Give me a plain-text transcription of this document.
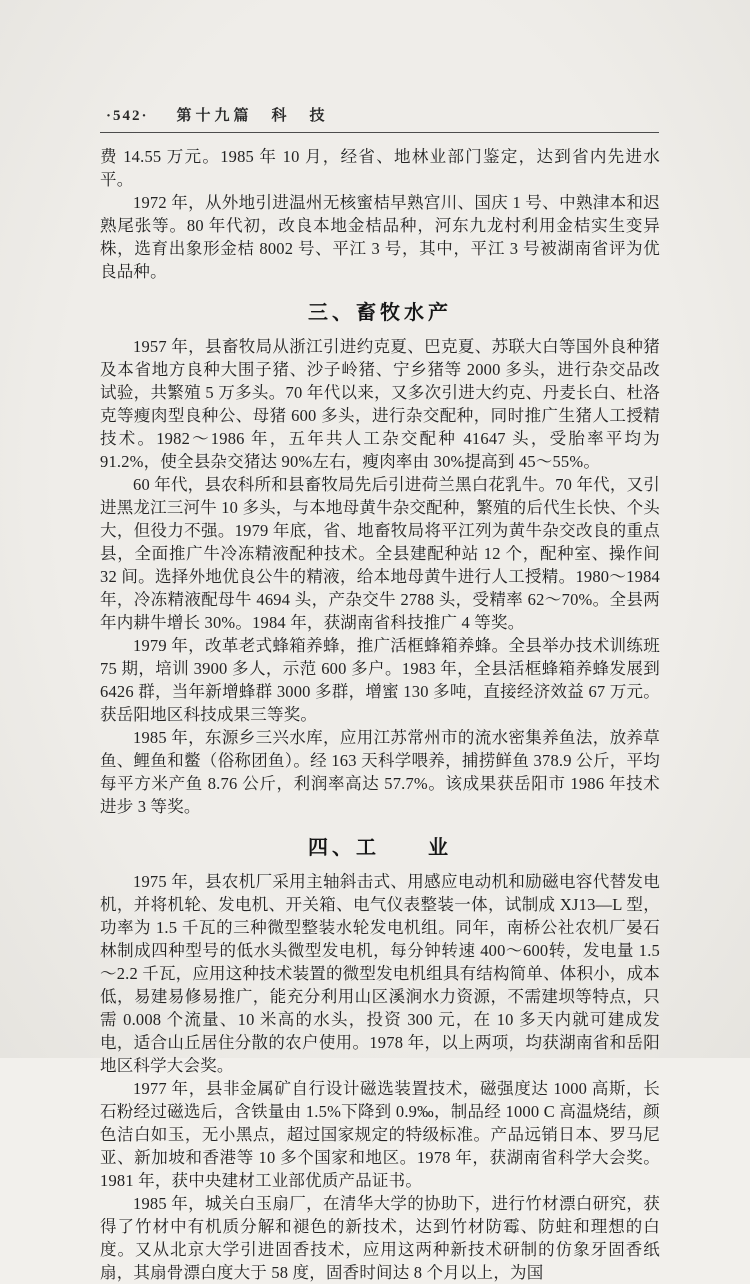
·542· 第十九篇　科　技

费 14.55 万元。1985 年 10 月，经省、地林业部门鉴定，达到省内先进水平。

1972 年，从外地引进温州无核蜜桔早熟宫川、国庆 1 号、中熟津本和迟熟尾张等。80 年代初，改良本地金桔品种，河东九龙村利用金桔实生变异株，选育出象形金桔 8002 号、平江 3 号，其中，平江 3 号被湖南省评为优良品种。

三、畜牧水产

1957 年，县畜牧局从浙江引进约克夏、巴克夏、苏联大白等国外良种猪及本省地方良种大围子猪、沙子岭猪、宁乡猪等 2000 多头，进行杂交品改试验，共繁殖 5 万多头。70 年代以来，又多次引进大约克、丹麦长白、杜洛克等瘦肉型良种公、母猪 600 多头，进行杂交配种，同时推广生猪人工授精技术。1982～1986 年，五年共人工杂交配种 41647 头，受胎率平均为 91.2%，使全县杂交猪达 90%左右，瘦肉率由 30%提高到 45～55%。

60 年代，县农科所和县畜牧局先后引进荷兰黑白花乳牛。70 年代，又引进黑龙江三河牛 10 多头，与本地母黄牛杂交配种，繁殖的后代生长快、个头大，但役力不强。1979 年底，省、地畜牧局将平江列为黄牛杂交改良的重点县，全面推广牛冷冻精液配种技术。全县建配种站 12 个，配种室、操作间 32 间。选择外地优良公牛的精液，给本地母黄牛进行人工授精。1980～1984 年，冷冻精液配母牛 4694 头，产杂交牛 2788 头，受精率 62～70%。全县两年内耕牛增长 30%。1984 年，获湖南省科技推广 4 等奖。

1979 年，改革老式蜂箱养蜂，推广活框蜂箱养蜂。全县举办技术训练班 75 期，培训 3900 多人，示范 600 多户。1983 年，全县活框蜂箱养蜂发展到 6426 群，当年新增蜂群 3000 多群，增蜜 130 多吨，直接经济效益 67 万元。获岳阳地区科技成果三等奖。

1985 年，东源乡三兴水库，应用江苏常州市的流水密集养鱼法，放养草鱼、鲤鱼和鳖（俗称团鱼）。经 163 天科学喂养，捕捞鲜鱼 378.9 公斤，平均每平方米产鱼 8.76 公斤，利润率高达 57.7%。该成果获岳阳市 1986 年技术进步 3 等奖。

四、工　　业

1975 年，县农机厂采用主轴斜击式、用感应电动机和励磁电容代替发电机，并将机轮、发电机、开关箱、电气仪表整装一体，试制成 XJ13—L 型，功率为 1.5 千瓦的三种微型整装水轮发电机组。同年，南桥公社农机厂晏石林制成四种型号的低水头微型发电机，每分钟转速 400～600转，发电量 1.5～2.2 千瓦，应用这种技术装置的微型发电机组具有结构简单、体积小，成本低，易建易修易推广，能充分利用山区溪涧水力资源，不需建坝等特点，只需 0.008 个流量、10 米高的水头，投资 300 元，在 10 多天内就可建成发电，适合山丘居住分散的农户使用。1978 年，以上两项，均获湖南省和岳阳地区科学大会奖。

1977 年，县非金属矿自行设计磁选装置技术，磁强度达 1000 高斯，长石粉经过磁选后，含铁量由 1.5%下降到 0.9‰，制品经 1000 C 高温烧结，颜色洁白如玉，无小黑点，超过国家规定的特级标准。产品远销日本、罗马尼亚、新加坡和香港等 10 多个国家和地区。1978 年，获湖南省科学大会奖。1981 年，获中央建材工业部优质产品证书。

1985 年，城关白玉扇厂，在清华大学的协助下，进行竹材漂白研究，获得了竹材中有机质分解和褪色的新技术，达到竹材防霉、防蛀和理想的白度。又从北京大学引进固香技术，应用这两种新技术研制的仿象牙固香纸扇，其扇骨漂白度大于 58 度，固香时间达 8 个月以上，为国
